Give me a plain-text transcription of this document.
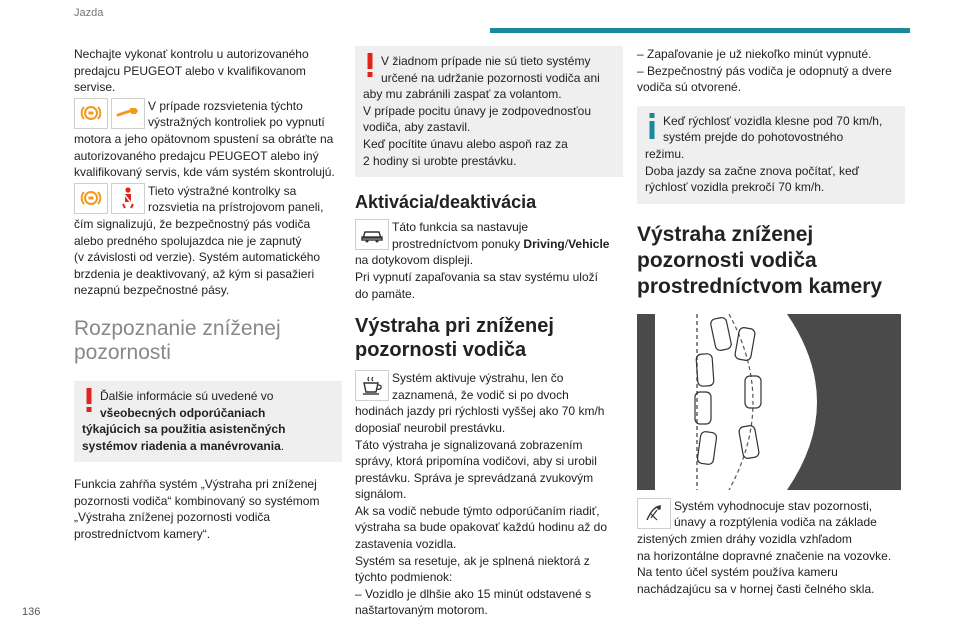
Jazda
136

Nechajte vykonať kontrolu u autorizovaného

predajcu PEUGEOT alebo v kvalifikovanom

servise.

V prípade rozsvietenia týchto

výstražných kontroliek po vypnutí

motora a jeho opätovnom spustení sa obráťte na

autorizovaného predajcu PEUGEOT alebo iný

kvalifikovaný servis, kde vám systém skontrolujú.

Tieto výstražné kontrolky sa

rozsvietia na prístrojovom paneli,

čím signalizujú, že bezpečnostný pás vodiča

alebo predného spolujazdca nie je zapnutý

(v závislosti od verzie). Systém automatického

brzdenia je deaktivovaný, až kým si pasažieri

nezapnú bezpečnostné pásy.

Rozpoznanie zníženej
pozornosti

Ďalšie informácie sú uvedené vo

všeobecných odporúčaniach

týkajúcich sa použitia asistenčných

systémov riadenia a manévrovania.

Funkcia zahŕňa systém „Výstraha pri zníženej

pozornosti vodiča“ kombinovaný so systémom

„Výstraha zníženej pozornosti vodiča

prostredníctvom kamery“.

V žiadnom prípade nie sú tieto systémy

určené na udržanie pozornosti vodiča ani

aby mu zabránili zaspať za volantom.

V prípade pocitu únavy je zodpovednosťou

vodiča, aby zastavil.

Keď pocítite únavu alebo aspoň raz za

2 hodiny si urobte prestávku.

Aktivácia/deaktivácia

Táto funkcia sa nastavuje

prostredníctvom ponuky Driving/Vehicle

na dotykovom displeji.

Pri vypnutí zapaľovania sa stav systému uloží

do pamäte.

Výstraha pri zníženej
pozornosti vodiča

Systém aktivuje výstrahu, len čo

zaznamená, že vodič si po dvoch

hodinách jazdy pri rýchlosti vyššej ako 70 km/h

doposiaľ neurobil prestávku.

Táto výstraha je signalizovaná zobrazením

správy, ktorá pripomína vodičovi, aby si urobil

prestávku. Správa je sprevádzaná zvukovým

signálom.

Ak sa vodič nebude týmto odporúčaním riadiť,

výstraha sa bude opakovať každú hodinu až do

zastavenia vozidla.

Systém sa resetuje, ak je splnená niektorá z

týchto podmienok:

– Vozidlo je dlhšie ako 15 minút odstavené s

naštartovaným motorom.

– Zapaľovanie je už niekoľko minút vypnuté.

– Bezpečnostný pás vodiča je odopnutý a dvere

vodiča sú otvorené.

Keď rýchlosť vozidla klesne pod 70 km/h,

systém prejde do pohotovostného

režimu.

Doba jazdy sa začne znova počítať, keď

rýchlosť vozidla prekročí 70 km/h.

Výstraha zníženej
pozornosti vodiča
prostredníctvom kamery

Systém vyhodnocuje stav pozornosti,

únavy a rozptýlenia vodiča na základe

zistených zmien dráhy vozidla vzhľadom

na horizontálne dopravné značenie na vozovke.

Na tento účel systém používa kameru

nachádzajúcu sa v hornej časti čelného skla.
